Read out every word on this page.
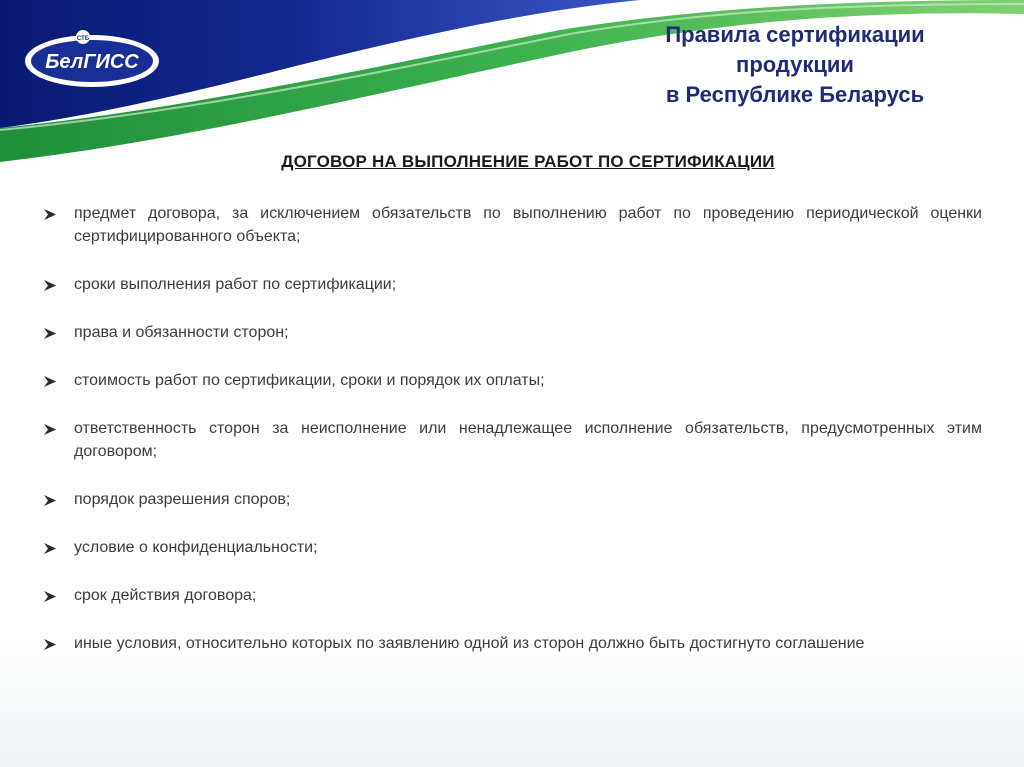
БелГИСС
СТБ	Правила сертификации
продукции
в Республике Беларусь
ДОГОВОР НА ВЫПОЛНЕНИЕ РАБОТ ПО СЕРТИФИКАЦИИ
предмет договора, за исключением обязательств по выполнению работ по проведению периодической оценки сертифицированного объекта;
сроки выполнения работ по сертификации;
права и обязанности сторон;
стоимость работ по сертификации, сроки и порядок их оплаты;
ответственность сторон за неисполнение или ненадлежащее исполнение обязательств, предусмотренных этим договором;
порядок разрешения споров;
условие о конфиденциальности;
срок действия договора;
иные условия, относительно которых по заявлению одной из сторон должно быть достигнуто соглашение
